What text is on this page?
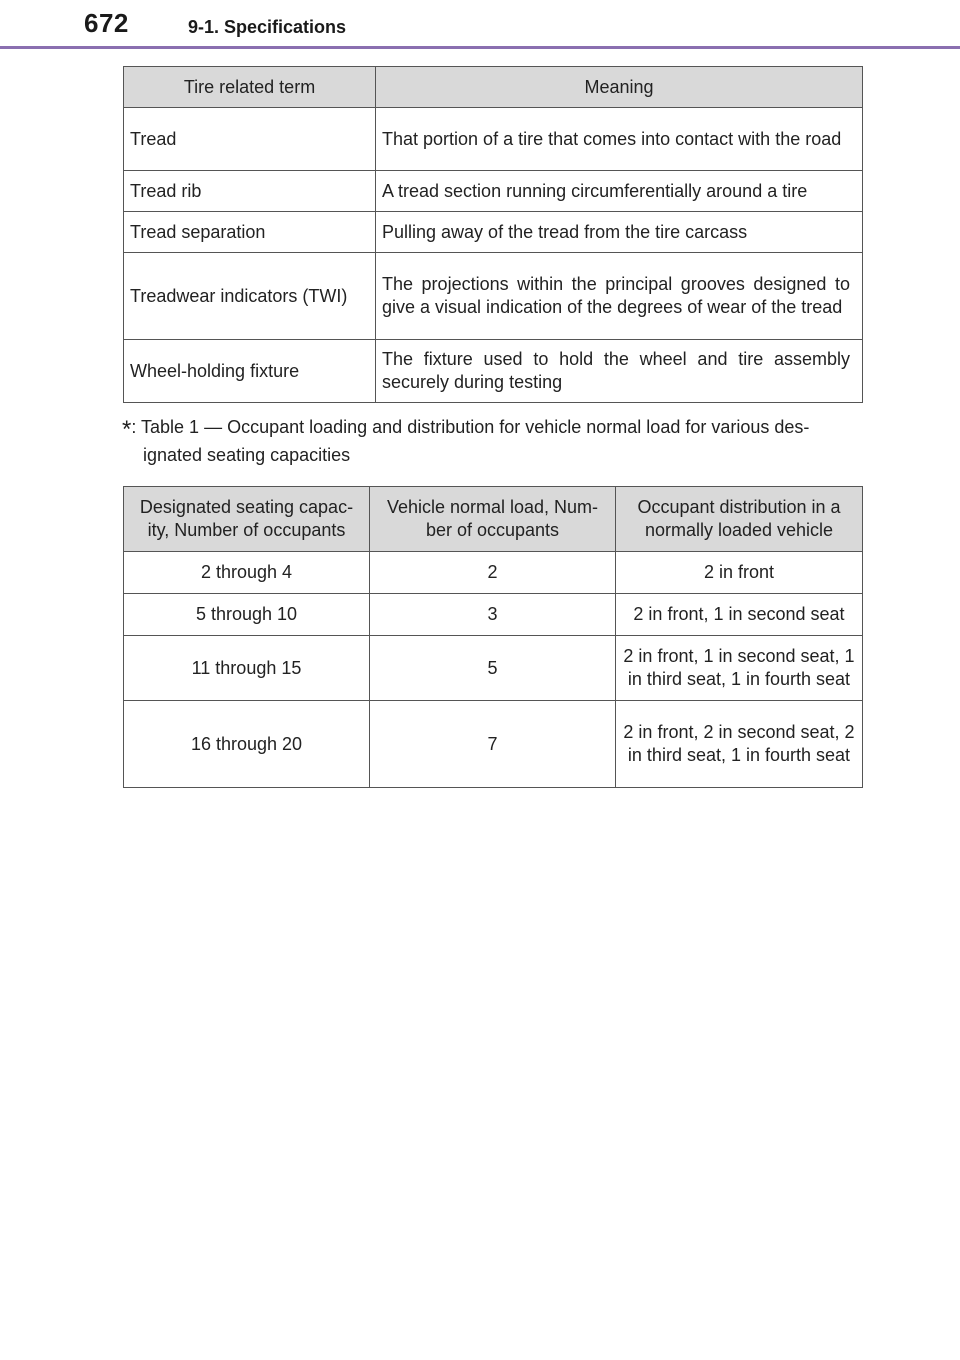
672	9-1. Specifications
Tire related term	Meaning
Tread	That portion of a tire that comes into contact with the road
Tread rib	A tread section running circumferentially around a tire
Tread separation	Pulling away of the tread from the tire carcass
Treadwear indicators (TWI)	The projections within the principal grooves designed to give a visual indication of the degrees of wear of the tread
Wheel-holding fixture	The fixture used to hold the wheel and tire assembly securely during testing
*: Table 1 — Occupant loading and distribution for vehicle normal load for various des-
ignated seating capacities
Designated seating capac- ity, Number of occupants	Vehicle normal load, Num- ber of occupants	Occupant distribution in a normally loaded vehicle
2 through 4	2	2 in front
5 through 10	3	2 in front, 1 in second seat
11 through 15	5	2 in front, 1 in second seat, 1 in third seat, 1 in fourth seat
16 through 20	7	2 in front, 2 in second seat, 2 in third seat, 1 in fourth seat
